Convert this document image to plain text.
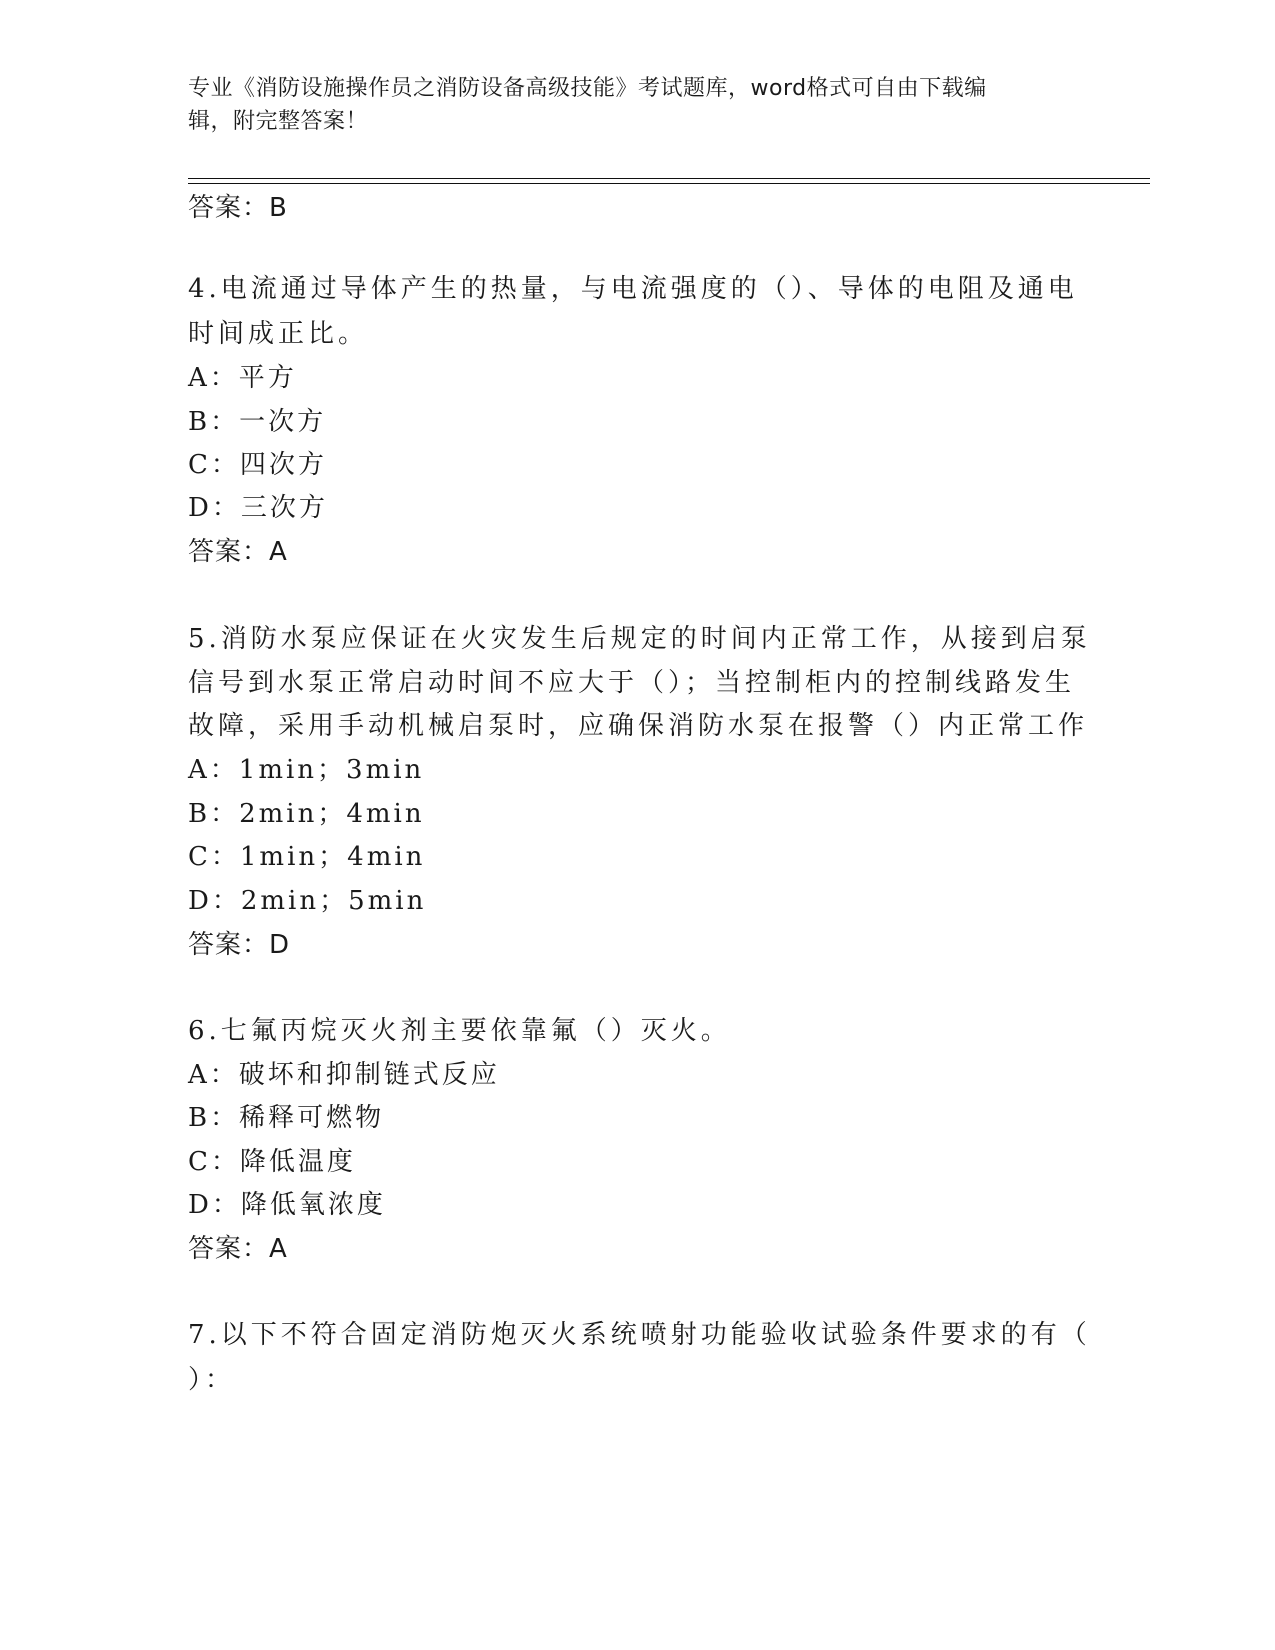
专业《消防设施操作员之消防设备高级技能》考试题库，word格式可自由下载编
辑，附完整答案！
答案：B
4.电流通过导体产生的热量，与电流强度的（）、导体的电阻及通电
时间成正比。
A：平方
B：一次方
C：四次方
D：三次方
答案：A
5.消防水泵应保证在火灾发生后规定的时间内正常工作，从接到启泵
信号到水泵正常启动时间不应大于（）；当控制柜内的控制线路发生
故障，采用手动机械启泵时，应确保消防水泵在报警（）内正常工作
A：1min；3min
B：2min；4min
C：1min；4min
D：2min；5min
答案：D
6.七氟丙烷灭火剂主要依靠氟（）灭火。
A：破坏和抑制链式反应
B：稀释可燃物
C：降低温度
D：降低氧浓度
答案：A
7.以下不符合固定消防炮灭火系统喷射功能验收试验条件要求的有（
）：
